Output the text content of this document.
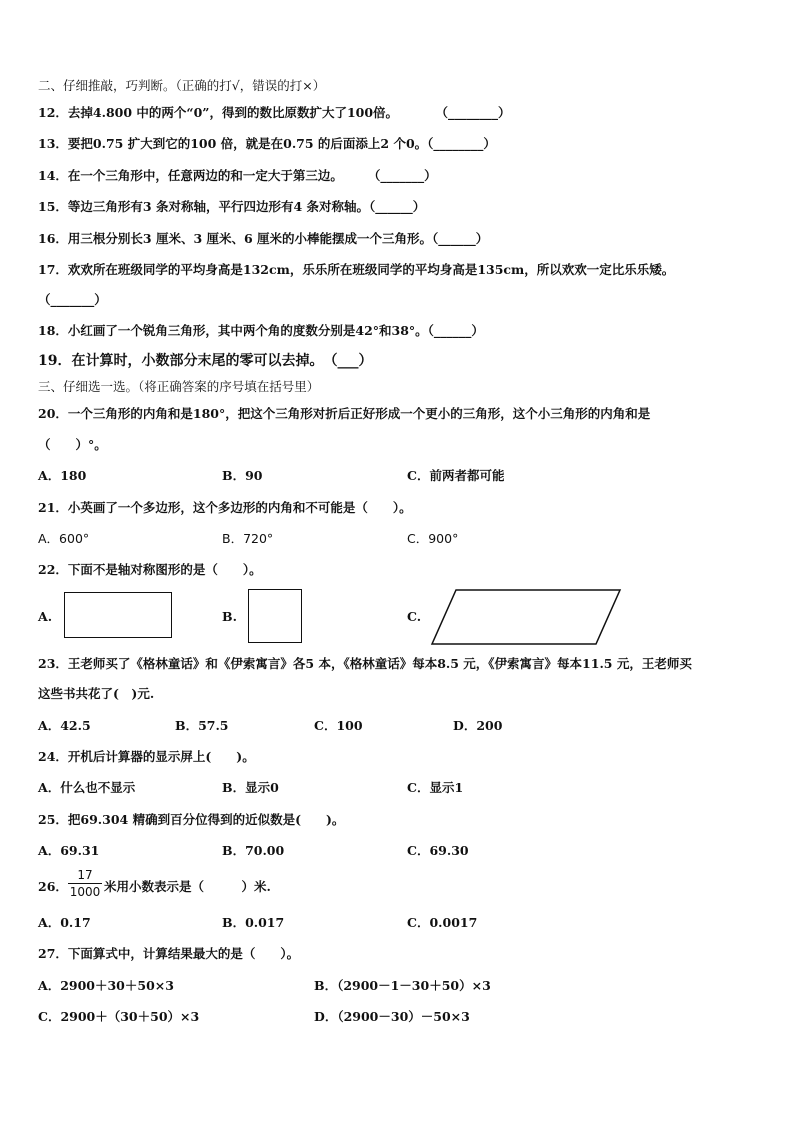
二、仔细推敲，巧判断。（正确的打√，错误的打×）
12．去掉4.800 中的两个“0”，得到的数比原数扩大了100倍。　　　　（________）
13．要把0.75 扩大到它的100 倍，就是在0.75 的后面添上2 个0。（________）
14．在一个三角形中，任意两边的和一定大于第三边。　　　（_______）
15．等边三角形有3 条对称轴，平行四边形有4 条对称轴。（______）
16．用三根分别长3 厘米、3 厘米、6 厘米的小棒能摆成一个三角形。（______）
17．欢欢所在班级同学的平均身高是132cm，乐乐所在班级同学的平均身高是135cm，所以欢欢一定比乐乐矮。
（_______）
18．小红画了一个锐角三角形，其中两个角的度数分别是42°和38°。（______）
19．在计算时，小数部分末尾的零可以去掉。　（___）
三、仔细选一选。（将正确答案的序号填在括号里）
20．一个三角形的内角和是180°，把这个三角形对折后正好形成一个更小的三角形，这个小三角形的内角和是
（　　）°。
A．180	B．90	C．前两者都可能
21．小英画了一个多边形，这个多边形的内角和不可能是（　　）。
A．600°	B．720°	C．900°
22．下面不是轴对称图形的是（　　）。
A.	B.	C.
23．王老师买了《格林童话》和《伊索寓言》各5 本，《格林童话》每本8.5 元，《伊索寓言》每本11.5 元，王老师买
这些书共花了(　)元.
A．42.5	B．57.5	C．100	D．200
24．开机后计算器的显示屏上(　　)。
A．什么也不显示	B．显示0	C．显示1
25．把69.304 精确到百分位得到的近似数是(　　)。
A．69.31	B．70.00	C．69.30
26．
17
1000 米用小数表示是（　　　）米.
A．0.17	B．0.017	C．0.0017
27．下面算式中，计算结果最大的是（　　）。
A．2900＋30＋50×3	B．（2900－1－30＋50）×3
C．2900＋（30＋50）×3	D．（2900－30）－50×3
